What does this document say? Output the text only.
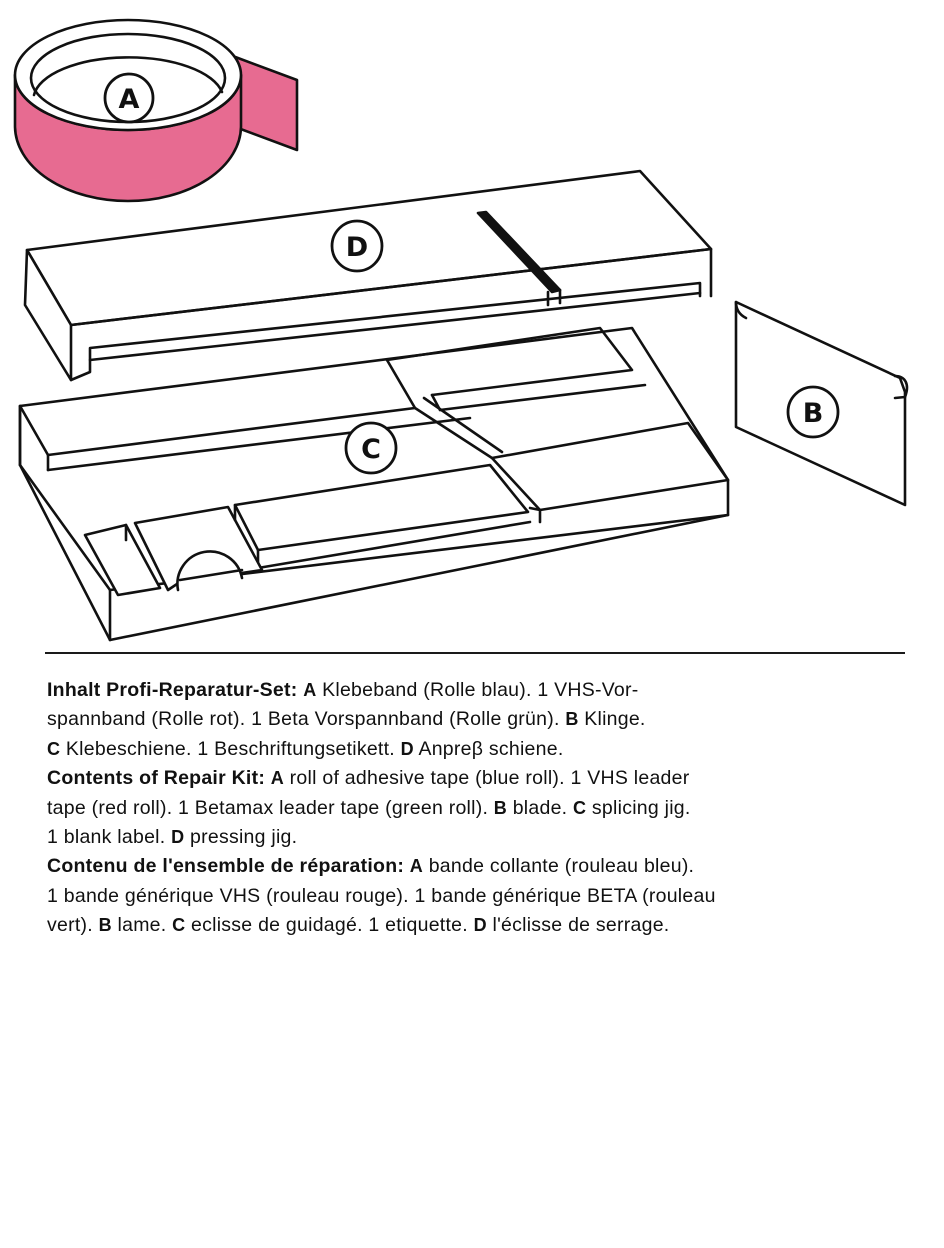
A
D
C
B

Inhalt Profi-Reparatur-Set: A Klebeband (Rolle blau). 1 VHS-Vor-

spannband (Rolle rot). 1 Beta Vorspannband (Rolle grün). B Klinge.

C Klebeschiene. 1 Beschriftungsetikett. D Anpreβ schiene.

Contents of Repair Kit: A roll of adhesive tape (blue roll). 1 VHS leader

tape (red roll). 1 Betamax leader tape (green roll). B blade. C splicing jig.

1 blank label. D pressing jig.

Contenu de l'ensemble de réparation: A bande collante (rouleau bleu).

1 bande générique VHS (rouleau rouge). 1 bande générique BETA (rouleau

vert). B lame. C eclisse de guidagé. 1 etiquette. D l'éclisse de serrage.
